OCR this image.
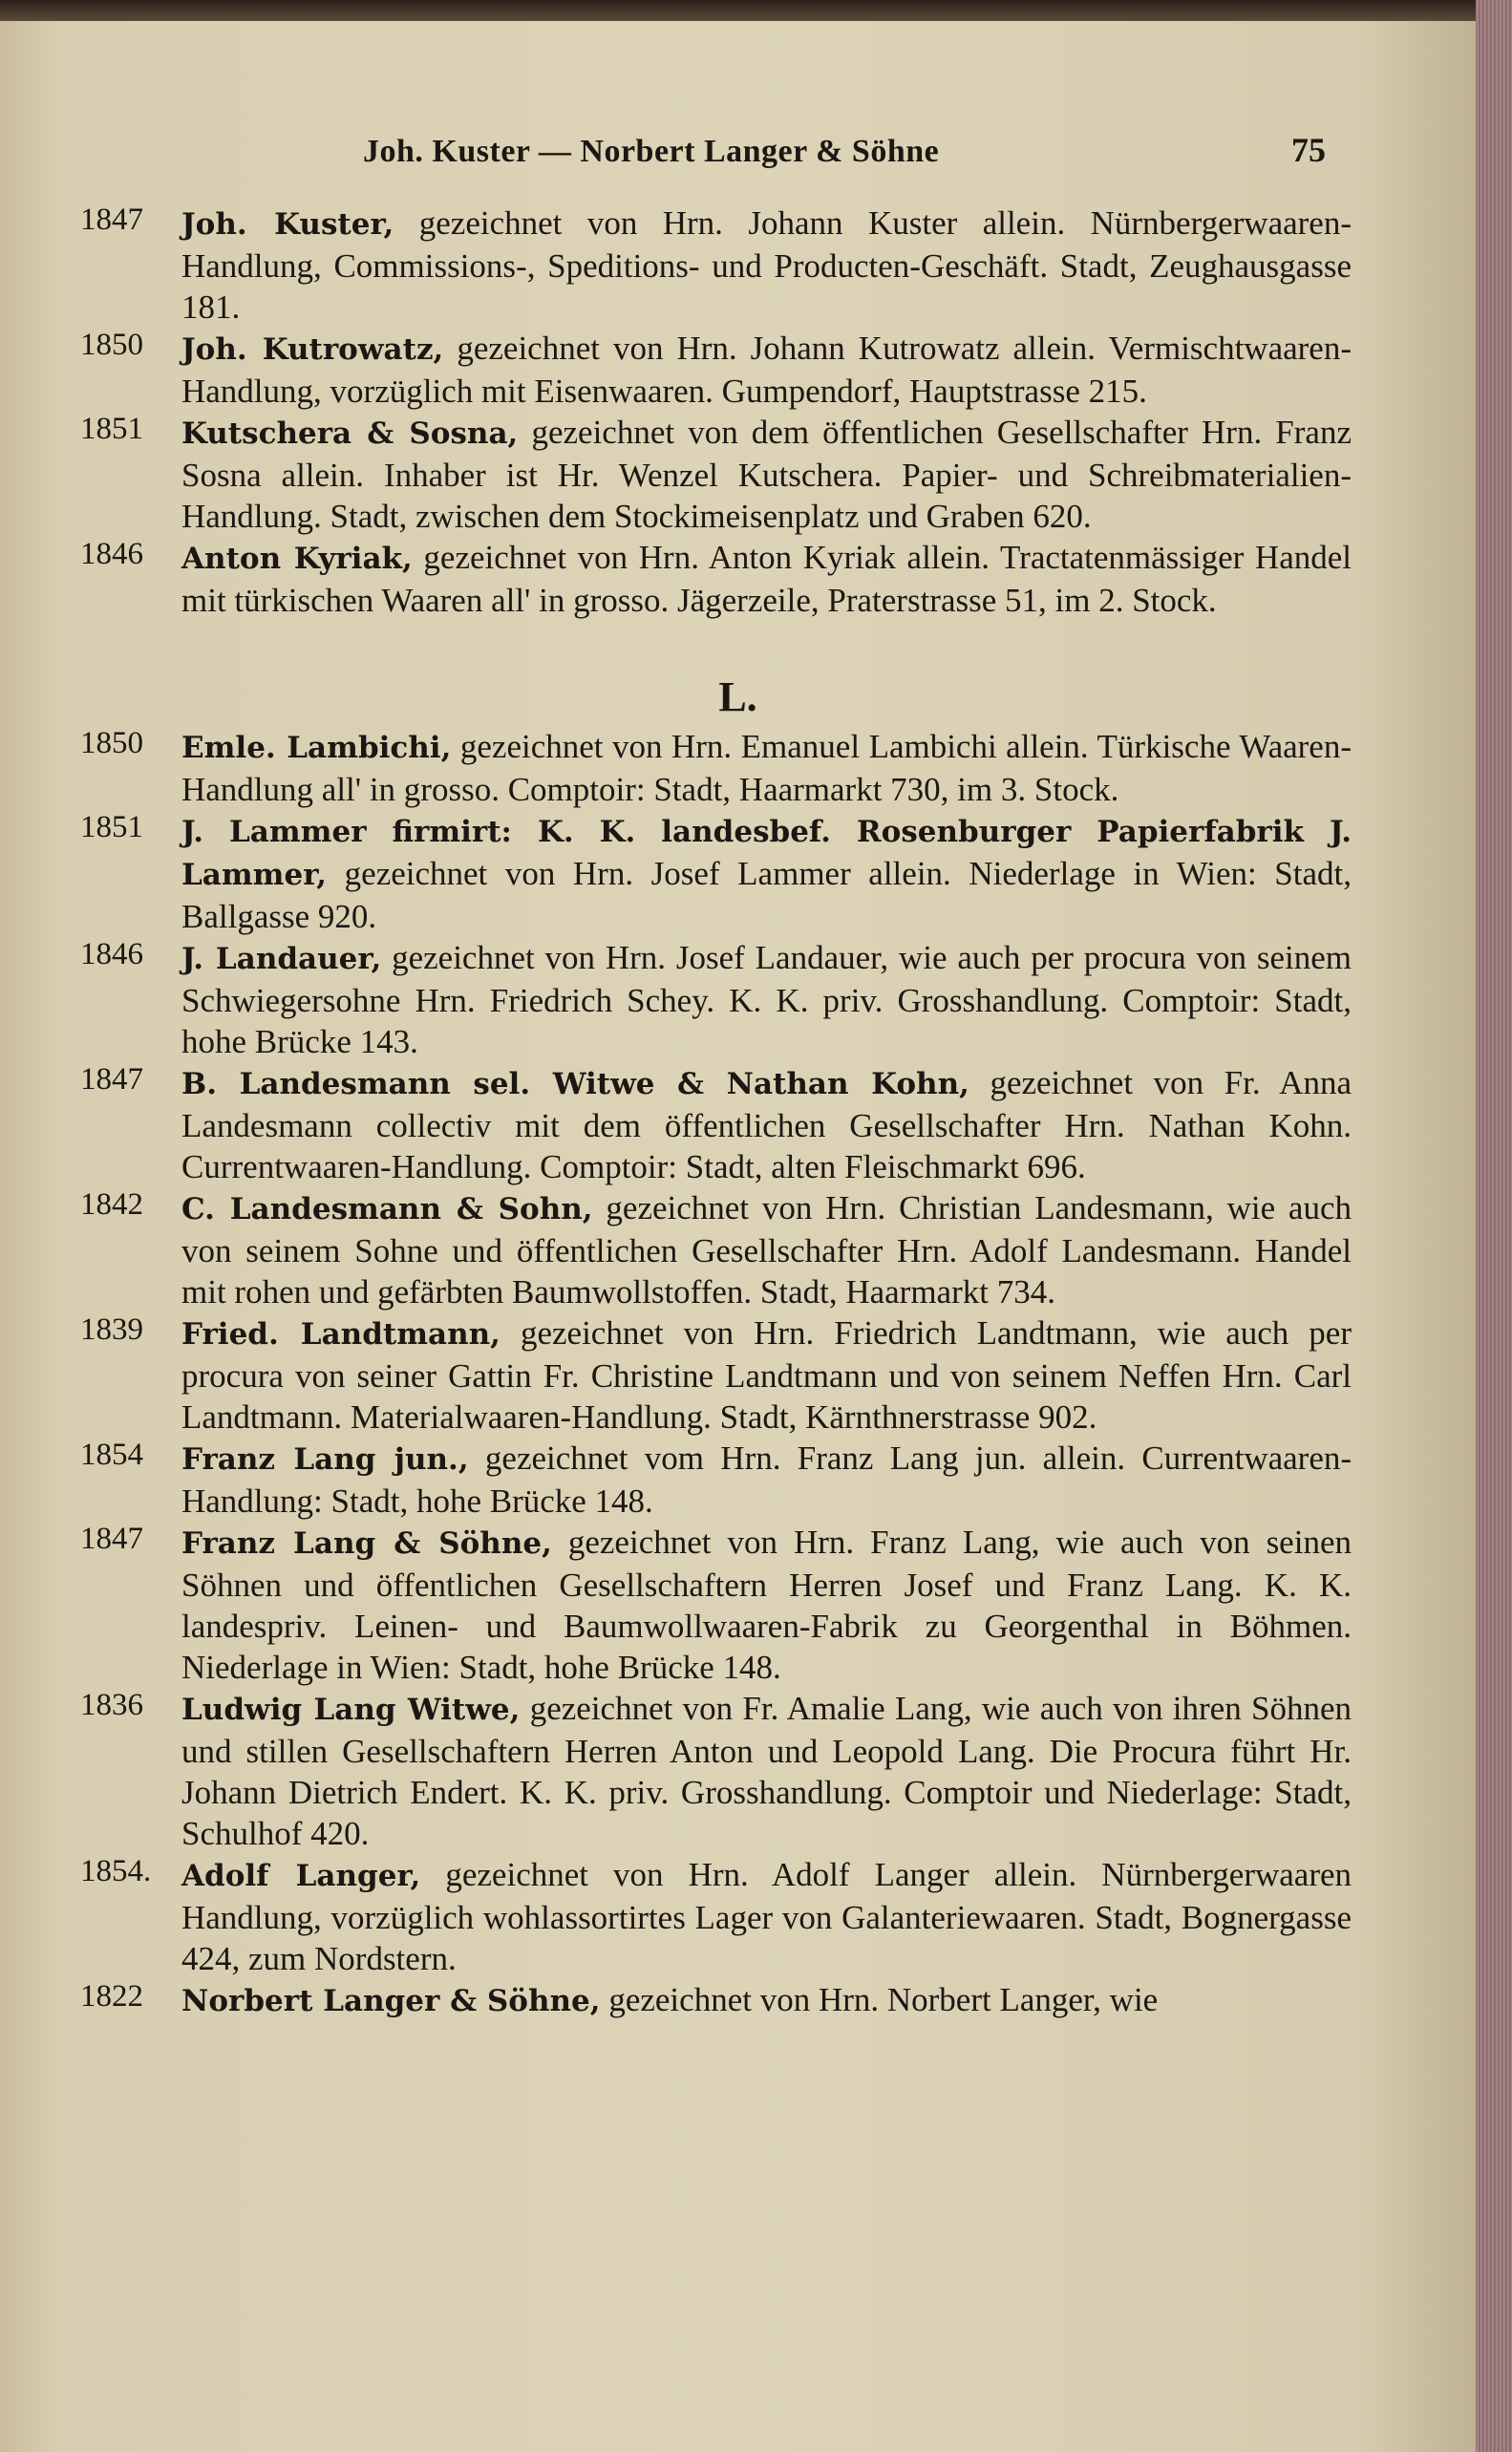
Joh. Kuster — Norbert Langer & Söhne	75
1847	Joh. Kuster, gezeichnet von Hrn. Johann Kuster allein. Nürnbergerwaaren-Handlung, Commissions-, Speditions- und Producten-Geschäft. Stadt, Zeughausgasse 181.
1850	Joh. Kutrowatz, gezeichnet von Hrn. Johann Kutrowatz allein. Vermischtwaaren-Handlung, vorzüglich mit Eisenwaaren. Gumpendorf, Hauptstrasse 215.
1851	Kutschera & Sosna, gezeichnet von dem öffentlichen Gesellschafter Hrn. Franz Sosna allein. Inhaber ist Hr. Wenzel Kutschera. Papier- und Schreibmaterialien-Handlung. Stadt, zwischen dem Stockimeisenplatz und Graben 620.
1846	Anton Kyriak, gezeichnet von Hrn. Anton Kyriak allein. Tractatenmässiger Handel mit türkischen Waaren all' in grosso. Jägerzeile, Praterstrasse 51, im 2. Stock.
L.
1850	Emle. Lambichi, gezeichnet von Hrn. Emanuel Lambichi allein. Türkische Waaren-Handlung all' in grosso. Comptoir: Stadt, Haarmarkt 730, im 3. Stock.
1851	J. Lammer firmirt: K. K. landesbef. Rosenburger Papierfabrik J. Lammer, gezeichnet von Hrn. Josef Lammer allein. Niederlage in Wien: Stadt, Ballgasse 920.
1846	J. Landauer, gezeichnet von Hrn. Josef Landauer, wie auch per procura von seinem Schwiegersohne Hrn. Friedrich Schey. K. K. priv. Grosshandlung. Comptoir: Stadt, hohe Brücke 143.
1847	B. Landesmann sel. Witwe & Nathan Kohn, gezeichnet von Fr. Anna Landesmann collectiv mit dem öffentlichen Gesellschafter Hrn. Nathan Kohn. Currentwaaren-Handlung. Comptoir: Stadt, alten Fleischmarkt 696.
1842	C. Landesmann & Sohn, gezeichnet von Hrn. Christian Landesmann, wie auch von seinem Sohne und öffentlichen Gesellschafter Hrn. Adolf Landesmann. Handel mit rohen und gefärbten Baumwollstoffen. Stadt, Haarmarkt 734.
1839	Fried. Landtmann, gezeichnet von Hrn. Friedrich Landtmann, wie auch per procura von seiner Gattin Fr. Christine Landtmann und von seinem Neffen Hrn. Carl Landtmann. Materialwaaren-Handlung. Stadt, Kärnthnerstrasse 902.
1854	Franz Lang jun., gezeichnet vom Hrn. Franz Lang jun. allein. Currentwaaren-Handlung: Stadt, hohe Brücke 148.
1847	Franz Lang & Söhne, gezeichnet von Hrn. Franz Lang, wie auch von seinen Söhnen und öffentlichen Gesellschaftern Herren Josef und Franz Lang. K. K. landespriv. Leinen- und Baumwollwaaren-Fabrik zu Georgenthal in Böhmen. Niederlage in Wien: Stadt, hohe Brücke 148.
1836	Ludwig Lang Witwe, gezeichnet von Fr. Amalie Lang, wie auch von ihren Söhnen und stillen Gesellschaftern Herren Anton und Leopold Lang. Die Procura führt Hr. Johann Dietrich Endert. K. K. priv. Grosshandlung. Comptoir und Niederlage: Stadt, Schulhof 420.
1854.	Adolf Langer, gezeichnet von Hrn. Adolf Langer allein. Nürnbergerwaaren Handlung, vorzüglich wohlassortirtes Lager von Galanteriewaaren. Stadt, Bognergasse 424, zum Nordstern.
1822	Norbert Langer & Söhne, gezeichnet von Hrn. Norbert Langer, wie
